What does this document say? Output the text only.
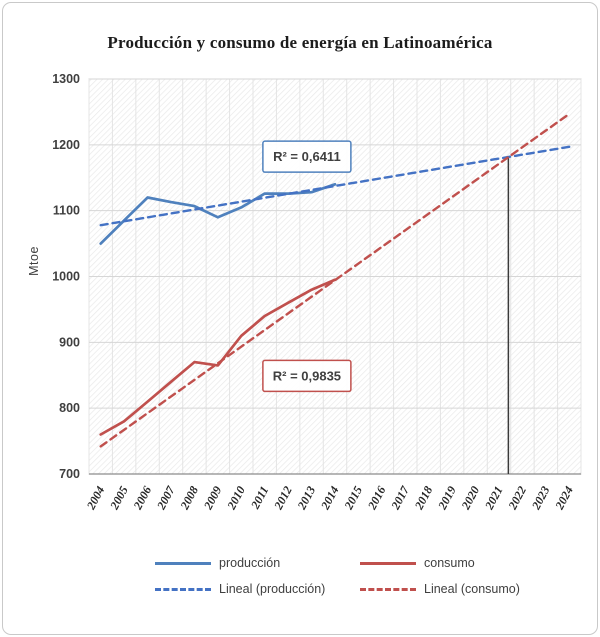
Producción y consumo de energía en Latinoamérica
700
800
900
1000
1100
1200
1300
2004 2005 2006 2007 2008 2009 2010 2011 2012 2013 2014 2015 2016 2017 2018 2019 2020 2021 2022 2023 2024
Mtoe
R² = 0,6411
R² = 0,9835
producción	consumo
Lineal (producción)	Lineal (consumo)
